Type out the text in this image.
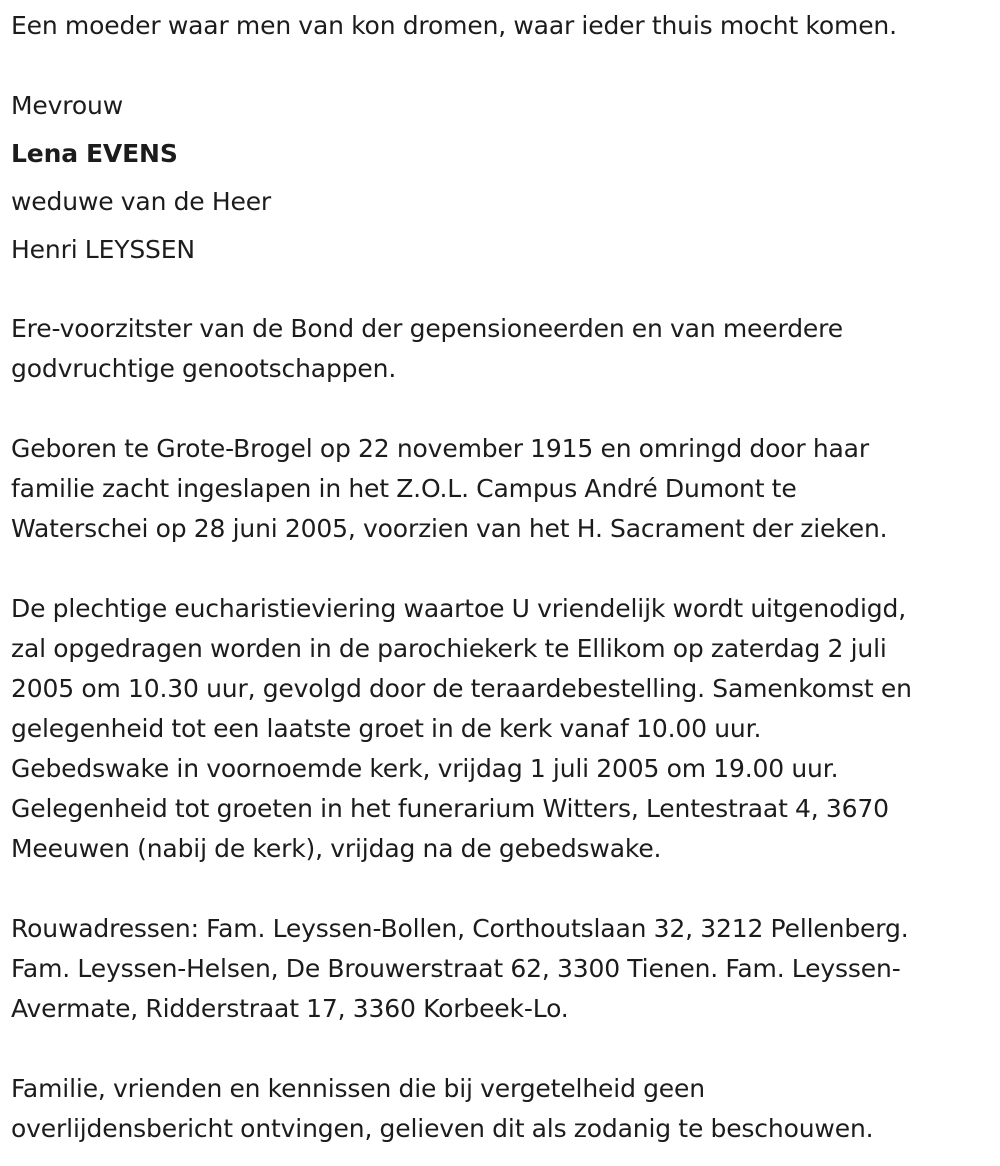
Een moeder waar men van kon dromen, waar ieder thuis mocht komen.
Mevrouw
Lena EVENS
weduwe van de Heer
Henri LEYSSEN
Ere-voorzitster van de Bond der gepensioneerden en van meerdere
godvruchtige genootschappen.
Geboren te Grote-Brogel op 22 november 1915 en omringd door haar
familie zacht ingeslapen in het Z.O.L. Campus André Dumont te
Waterschei op 28 juni 2005, voorzien van het H. Sacrament der zieken.
De plechtige eucharistieviering waartoe U vriendelijk wordt uitgenodigd,
zal opgedragen worden in de parochiekerk te Ellikom op zaterdag 2 juli
2005 om 10.30 uur, gevolgd door de teraardebestelling. Samenkomst en
gelegenheid tot een laatste groet in de kerk vanaf 10.00 uur.
Gebedswake in voornoemde kerk, vrijdag 1 juli 2005 om 19.00 uur.
Gelegenheid tot groeten in het funerarium Witters, Lentestraat 4, 3670
Meeuwen (nabij de kerk), vrijdag na de gebedswake.
Rouwadressen: Fam. Leyssen-Bollen, Corthoutslaan 32, 3212 Pellenberg.
Fam. Leyssen-Helsen, De Brouwerstraat 62, 3300 Tienen. Fam. Leyssen-
Avermate, Ridderstraat 17, 3360 Korbeek-Lo.
Familie, vrienden en kennissen die bij vergetelheid geen
overlijdensbericht ontvingen, gelieven dit als zodanig te beschouwen.
